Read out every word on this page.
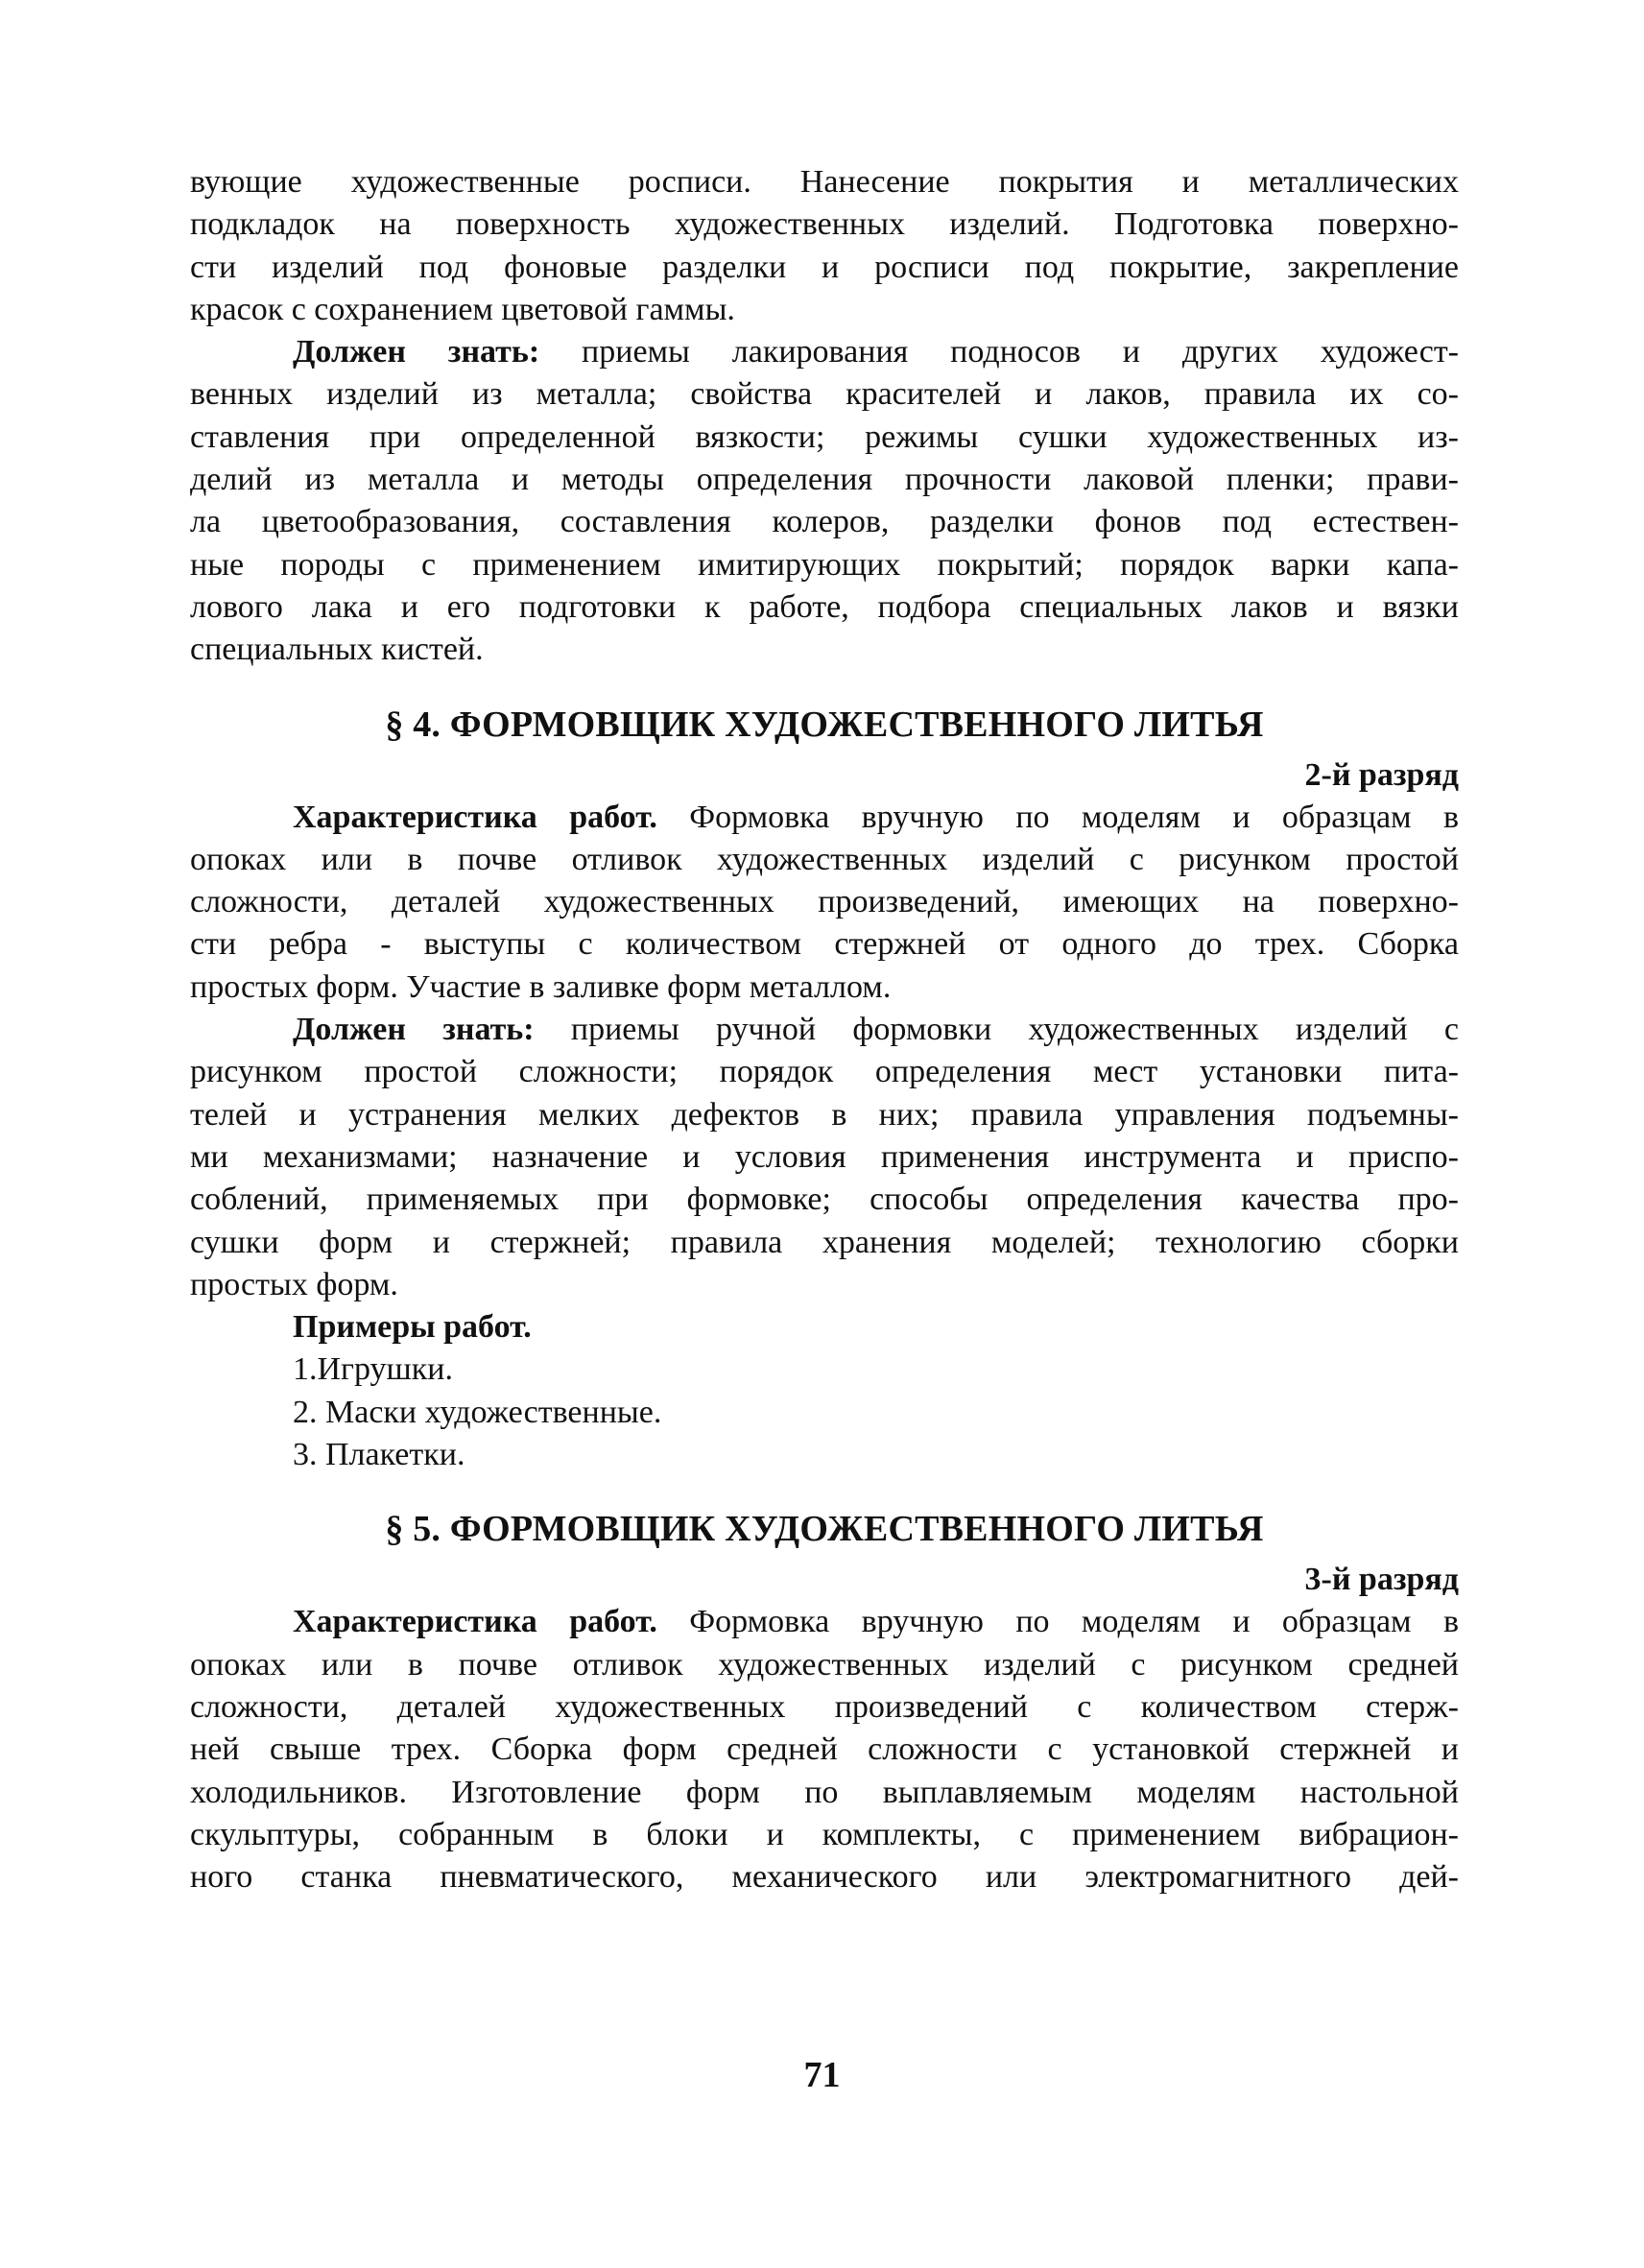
вующие художественные росписи. Нанесение покрытия и металлических
подкладок на поверхность художественных изделий. Подготовка поверхно-
сти изделий под фоновые разделки и росписи под покрытие, закрепление
красок с сохранением цветовой гаммы.
Должен знать: приемы лакирования подносов и других художест-
венных изделий из металла; свойства красителей и лаков, правила их со-
ставления при определенной вязкости; режимы сушки художественных из-
делий из металла и методы определения прочности лаковой пленки; прави-
ла цветообразования, составления колеров, разделки фонов под естествен-
ные породы с применением имитирующих покрытий; порядок варки капа-
лового лака и его подготовки к работе, подбора специальных лаков и вязки
специальных кистей.
§ 4. ФОРМОВЩИК ХУДОЖЕСТВЕННОГО ЛИТЬЯ
2-й разряд
Характеристика работ. Формовка вручную по моделям и образцам в
опоках или в почве отливок художественных изделий с рисунком простой
сложности, деталей художественных произведений, имеющих на поверхно-
сти ребра - выступы с количеством стержней от одного до трех. Сборка
простых форм. Участие в заливке форм металлом.
Должен знать: приемы ручной формовки художественных изделий с
рисунком простой сложности; порядок определения мест установки пита-
телей и устранения мелких дефектов в них; правила управления подъемны-
ми механизмами; назначение и условия применения инструмента и приспо-
соблений, применяемых при формовке; способы определения качества про-
сушки форм и стержней; правила хранения моделей; технологию сборки
простых форм.
Примеры работ.
1.Игрушки.
2. Маски художественные.
3. Плакетки.
§ 5. ФОРМОВЩИК ХУДОЖЕСТВЕННОГО ЛИТЬЯ
3-й разряд
Характеристика работ. Формовка вручную по моделям и образцам в
опоках или в почве отливок художественных изделий с рисунком средней
сложности, деталей художественных произведений с количеством стерж-
ней свыше трех. Сборка форм средней сложности с установкой стержней и
холодильников. Изготовление форм по выплавляемым моделям настольной
скульптуры, собранным в блоки и комплекты, с применением вибрацион-
ного станка пневматического, механического или электромагнитного дей-
71
